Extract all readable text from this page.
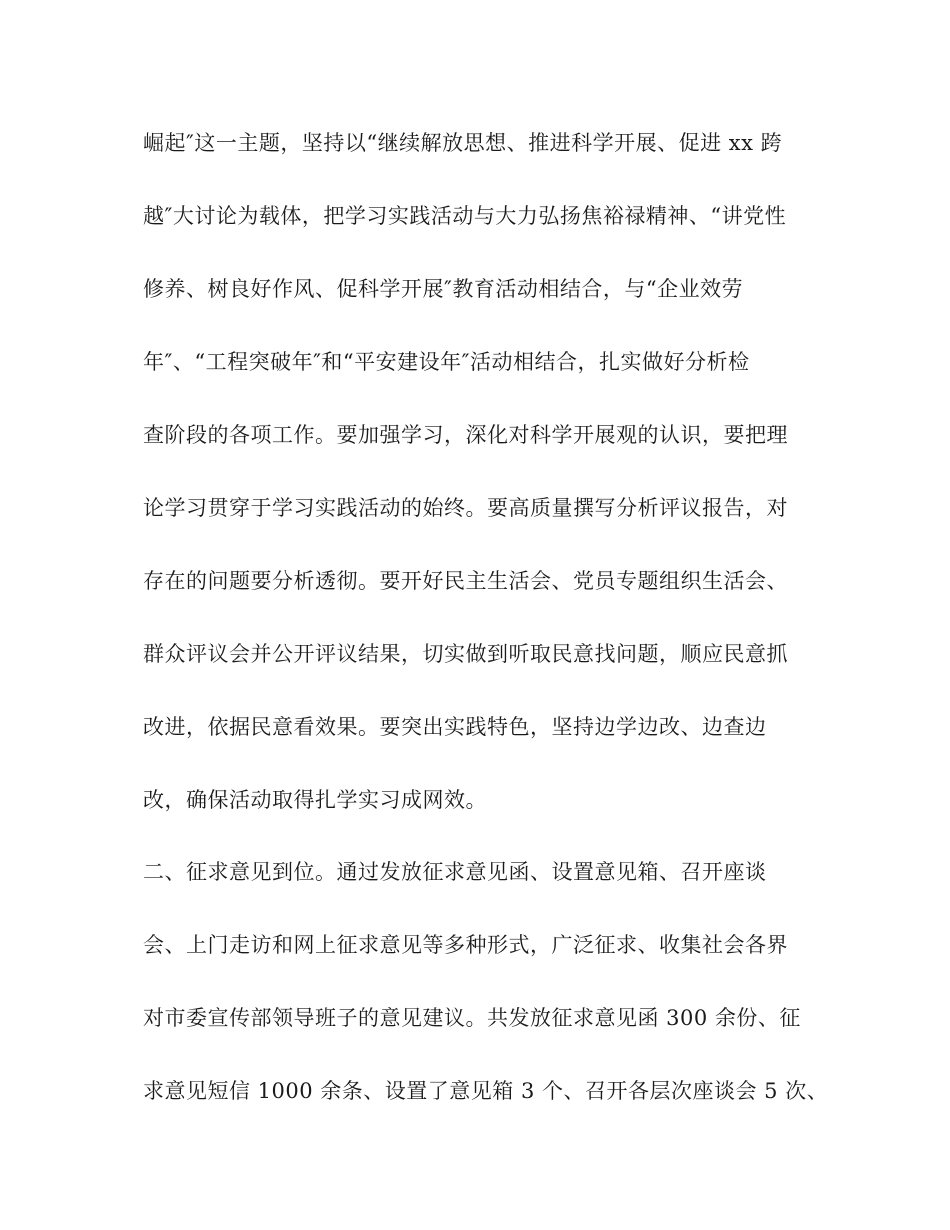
崛起″这一主题，坚持以“继续解放思想、推进科学开展、促进 xx 跨
越″大讨论为载体，把学习实践活动与大力弘扬焦裕禄精神、“讲党性
修养、树良好作风、促科学开展″教育活动相结合，与“企业效劳
年″、“工程突破年″和“平安建设年″活动相结合，扎实做好分析检
查阶段的各项工作。要加强学习，深化对科学开展观的认识，要把理
论学习贯穿于学习实践活动的始终。要高质量撰写分析评议报告，对
存在的问题要分析透彻。要开好民主生活会、党员专题组织生活会、
群众评议会并公开评议结果，切实做到听取民意找问题，顺应民意抓
改进，依据民意看效果。要突出实践特色，坚持边学边改、边查边
改，确保活动取得扎学实习成网效。
二、征求意见到位。通过发放征求意见函、设置意见箱、召开座谈
会、上门走访和网上征求意见等多种形式，广泛征求、收集社会各界
对市委宣传部领导班子的意见建议。共发放征求意见函 300 余份、征
求意见短信 1000 余条、设置了意见箱 3 个、召开各层次座谈会 5 次、
